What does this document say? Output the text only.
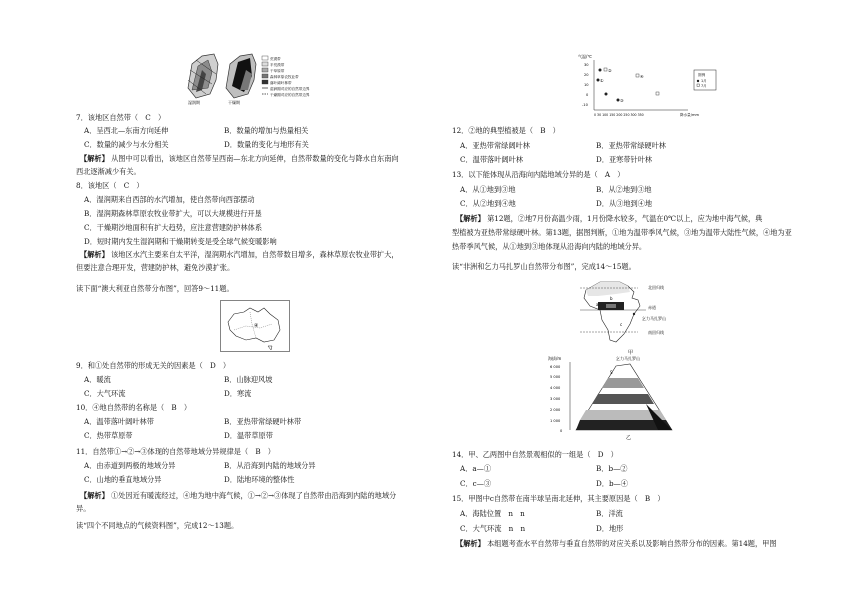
湿润期	干燥期
荒漠带
半荒漠带
干草原带
森林草原农牧业带
落叶阔叶林带
湿润期对应的自然带边界
干燥期对应的自然带边界
7．该地区自然带（　C　）
A．呈西北—东南方向延伸	B．数量的增加与热量相关
C．数量的减少与水分相关	D．数量的变化与地形有关
【解析】 从图中可以看出，该地区自然带呈西南—东北方向延伸，自然带数量的变化与降水自东南向
西北逐渐减少有关。
8．该地区（　C　）
A．湿润期来自西部的水汽增加，使自然带向西部摆动
B．湿润期森林草原农牧业带扩大，可以大规模进行开垦
C．干燥期沙地面积有扩大趋势，应注意营建防护林体系
D．短时期内发生湿润期和干燥期转变是受全球气候变暖影响
【解析】 该地区水汽主要来自太平洋，湿润期水汽增加，自然带数目增多，森林草原农牧业带扩大，
但要注意合理开发，营建防护林，避免沙漠扩张。
读下面“澳大利亚自然带分布图”，回答9～11题。
④
9．和①处自然带的形成无关的因素是（　D　）
A．暖流	B．山脉迎风坡
C．大气环流	D．寒流
10．④地自然带的名称是（　B　）
A．温带落叶阔叶林带	B．亚热带常绿硬叶林带
C．热带草原带	D．温带草原带
11．自然带①→②→③体现的自然带地域分异规律是（　B　）
A．由赤道到两极的地域分异	B．从沿海到内陆的地域分异
C．山地的垂直地域分异	D．陆地环境的整体性
【解析】 ①处因近有暖流经过，④地为地中海气候，①→②→③体现了自然带由沿海到内陆的地域分
异。
读“四个不同地点的气候资料图”，完成12～13题。
气温/℃
30
20
10
0
-10
0 30 100 150 200 250 300 350	降水量/mm
②
①
④
③
图例
1月
7月
12．②地的典型植被是（　B　）
A．亚热带常绿阔叶林	B．亚热带常绿硬叶林
C．温带落叶阔叶林	D．亚寒带针叶林
13．以下能体现从沿海向内陆地域分异的是（　A　）
A．从①地到③地	B．从②地到③地
C．从②地到④地	D．从③地到④地
【解析】 第12题，②地7月份高温少雨，1月份降水较多，气温在0℃以上，应为地中海气候，典
型植被为亚热带常绿硬叶林。第13题，据图判断，①地为温带季风气候，③地为温带大陆性气候，④地为亚
热带季风气候，从①地到③地体现从沿海向内陆的地域分异。
读“非洲和乞力马扎罗山自然带分布图”，完成14～15题。
北回归线
赤道
乞力马扎罗山
南回归线
b
a
c
甲
海拔/m	乞力马扎罗山
6 000
5 000
4 000
3 000
2 000
1 000
0
S
乙
14．甲、乙两图中自然景观相似的一组是（　D　）
A．a—①	B．b—②
C．c—③	D．b—④
15．甲图中c自然带在南半球呈南北延伸，其主要原因是（　B　）
A．海陆位置　n　n	B．洋流
C．大气环流　n　n	D．地形
【解析】 本组题考查水平自然带与垂直自然带的对应关系以及影响自然带分布的因素。第14题，甲图
